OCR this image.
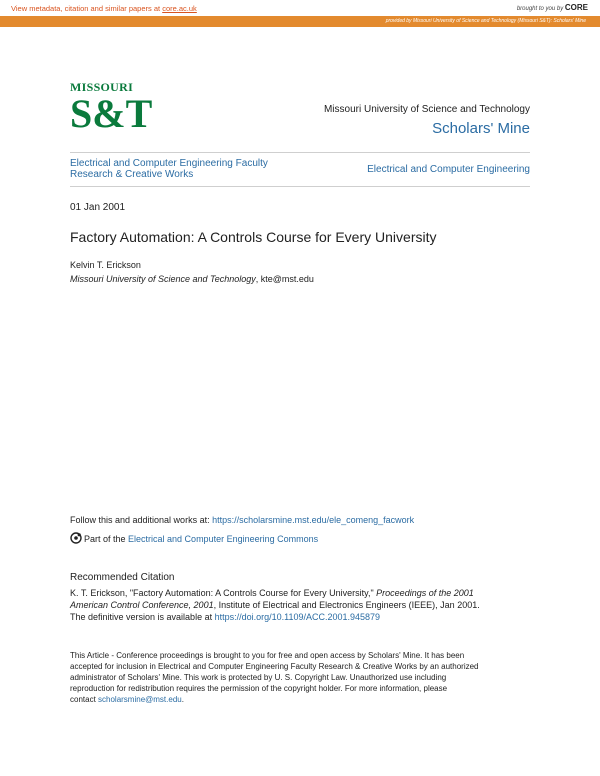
View metadata, citation and similar papers at core.ac.uk	brought to you by CORE
provided by Missouri University of Science and Technology (Missouri S&T): Scholars' Mine
MISSOURI
S&T	Missouri University of Science and Technology
Scholars' Mine
Electrical and Computer Engineering Faculty
Research & Creative Works	Electrical and Computer Engineering
01 Jan 2001
Factory Automation: A Controls Course for Every University
Kelvin T. Erickson
Missouri University of Science and Technology, kte@mst.edu
Follow this and additional works at: https://scholarsmine.mst.edu/ele_comeng_facwork
Part of the Electrical and Computer Engineering Commons
Recommended Citation
K. T. Erickson, "Factory Automation: A Controls Course for Every University," Proceedings of the 2001
American Control Conference, 2001, Institute of Electrical and Electronics Engineers (IEEE), Jan 2001.
The definitive version is available at https://doi.org/10.1109/ACC.2001.945879
This Article - Conference proceedings is brought to you for free and open access by Scholars' Mine. It has been
accepted for inclusion in Electrical and Computer Engineering Faculty Research & Creative Works by an authorized
administrator of Scholars' Mine. This work is protected by U. S. Copyright Law. Unauthorized use including
reproduction for redistribution requires the permission of the copyright holder. For more information, please
contact scholarsmine@mst.edu.
